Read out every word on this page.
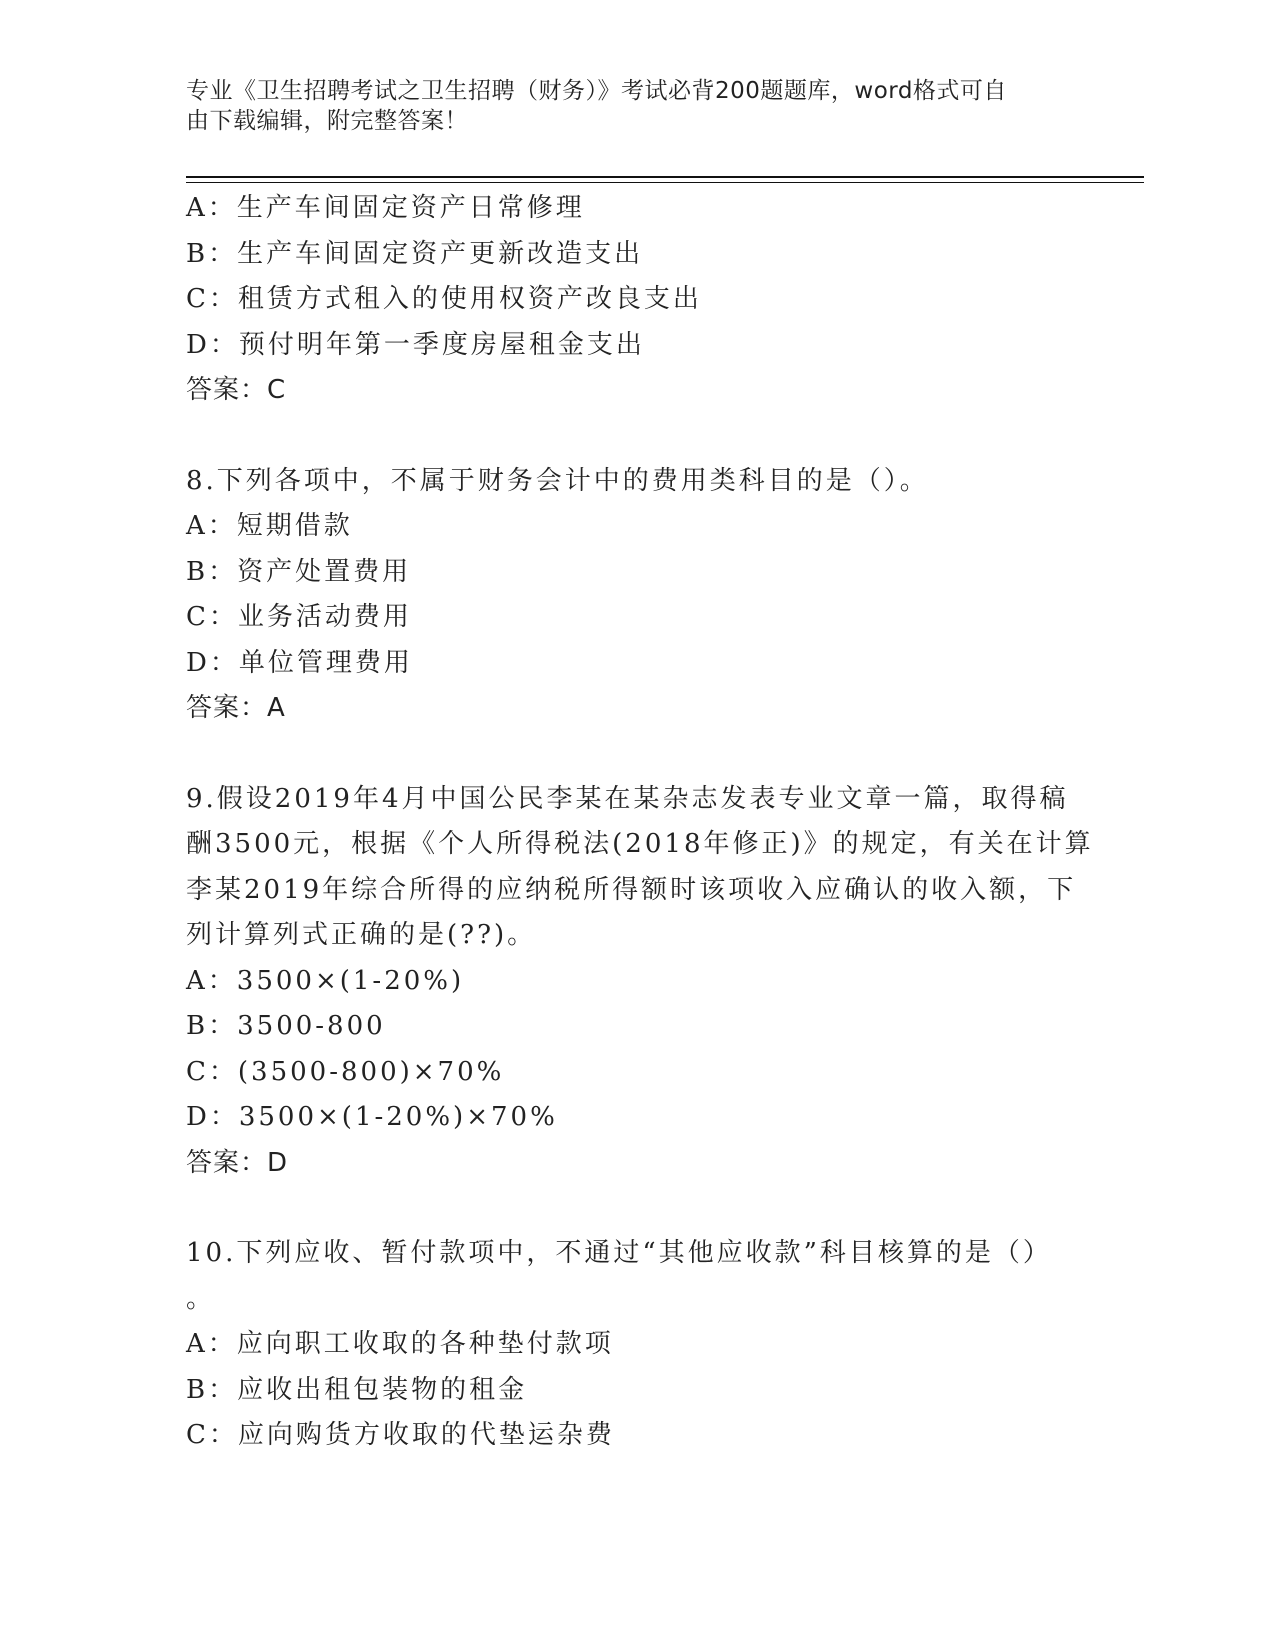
专业《卫生招聘考试之卫生招聘（财务）》考试必背200题题库，word格式可自
由下载编辑，附完整答案！
A：生产车间固定资产日常修理
B：生产车间固定资产更新改造支出
C：租赁方式租入的使用权资产改良支出
D：预付明年第一季度房屋租金支出
答案：C
8.下列各项中，不属于财务会计中的费用类科目的是（）。
A：短期借款
B：资产处置费用
C：业务活动费用
D：单位管理费用
答案：A
9.假设2019年4月中国公民李某在某杂志发表专业文章一篇，取得稿
酬3500元，根据《个人所得税法(2018年修正)》的规定，有关在计算
李某2019年综合所得的应纳税所得额时该项收入应确认的收入额，下
列计算列式正确的是(??)。
A：3500×(1-20%)
B：3500-800
C：(3500-800)×70%
D：3500×(1-20%)×70%
答案：D
10.下列应收、暂付款项中，不通过“其他应收款”科目核算的是（）
。
A：应向职工收取的各种垫付款项
B：应收出租包装物的租金
C：应向购货方收取的代垫运杂费
